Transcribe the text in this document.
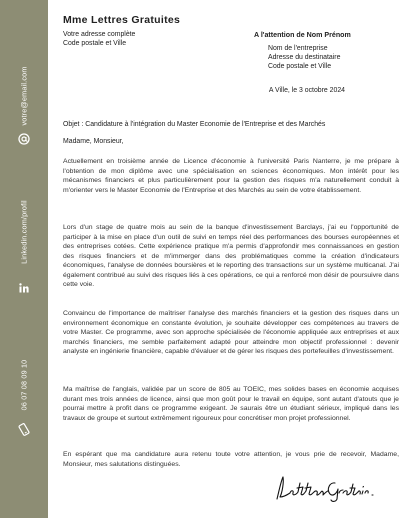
votre@email.com
Linkedin.com/profil
06 07 08 09 10
Mme Lettres Gratuites
Votre adresse complète
Code postale et Ville
A l'attention de Nom Prénom
Nom de l'entreprise
Adresse du destinataire
Code postale et Ville
A Ville, le 3 octobre 2024
Objet : Candidature à l'intégration du Master Economie de l'Entreprise et des Marchés
Madame, Monsieur,

Actuellement en troisième année de Licence d'économie à l'université Paris Nanterre, je me prépare à l'obtention de mon diplôme avec une spécialisation en sciences économiques. Mon intérêt pour les mécanismes financiers et plus particulièrement pour la gestion des risques m'a naturellement conduit à m'orienter vers le Master Economie de l'Entreprise et des Marchés au sein de votre établissement.

Lors d'un stage de quatre mois au sein de la banque d'investissement Barclays, j'ai eu l'opportunité de participer à la mise en place d'un outil de suivi en temps réel des performances des bourses européennes et des entreprises cotées. Cette expérience pratique m'a permis d'approfondir mes connaissances en gestion des risques financiers et de m'immerger dans des problématiques comme la création d'indicateurs économiques, l'analyse de données boursières et le reporting des transactions sur un système multicanal. J'ai également contribué au suivi des risques liés à ces opérations, ce qui a renforcé mon désir de poursuivre dans cette voie.

Convaincu de l'importance de maîtriser l'analyse des marchés financiers et la gestion des risques dans un environnement économique en constante évolution, je souhaite développer ces compétences au travers de votre Master. Ce programme, avec son approche spécialisée de l'économie appliquée aux entreprises et aux marchés financiers, me semble parfaitement adapté pour atteindre mon objectif professionnel : devenir analyste en ingénierie financière, capable d'évaluer et de gérer les risques des portefeuilles d'investissement.

Ma maîtrise de l'anglais, validée par un score de 805 au TOEIC, mes solides bases en économie acquises durant mes trois années de licence, ainsi que mon goût pour le travail en équipe, sont autant d'atouts que je pourrai mettre à profit dans ce programme exigeant. Je saurais être un étudiant sérieux, impliqué dans les travaux de groupe et surtout extrêmement rigoureux pour concrétiser mon projet professionnel.

En espérant que ma candidature aura retenu toute votre attention, je vous prie de recevoir, Madame, Monsieur, mes salutations distinguées.
